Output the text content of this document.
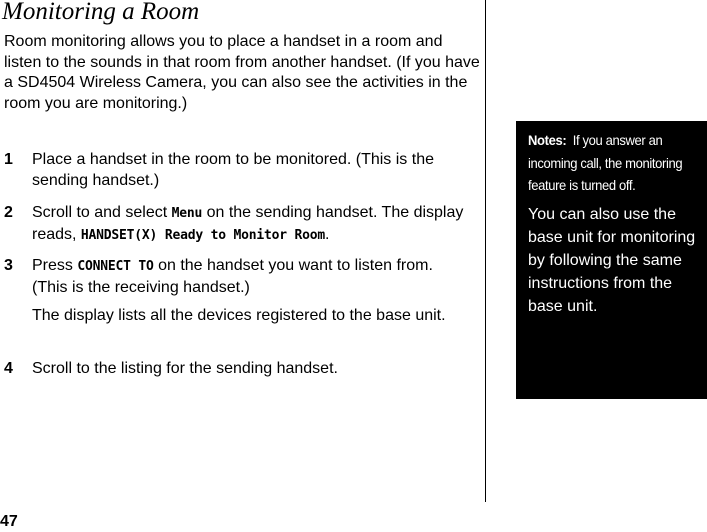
Monitoring a Room

Room monitoring allows you to place a handset in a room and listen to the sounds in that room from another handset. (If you have a SD4504 Wireless Camera, you can also see the activities in the room you are monitoring.)

1 Place a handset in the room to be monitored. (This is the sending handset.)
2 Scroll to and select Menu on the sending handset. The display reads, HANDSET(X) Ready to Monitor Room.
3 Press CONNECT TO on the handset you want to listen from. (This is the receiving handset.)
The display lists all the devices registered to the base unit.
4 Scroll to the listing for the sending handset.
Notes: If you answer an incoming call, the monitoring feature is turned off.
You can also use the base unit for monitoring by following the same instructions from the base unit.
47
